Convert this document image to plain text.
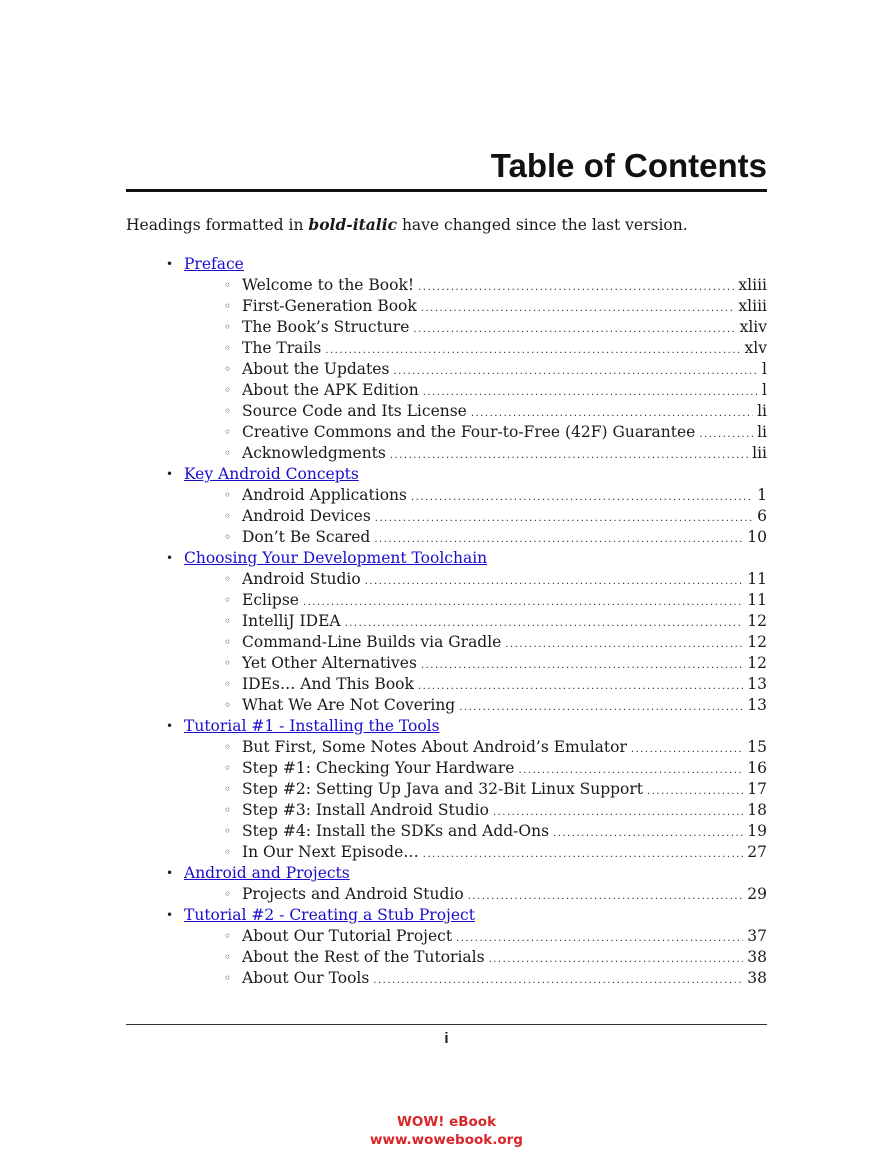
Table of Contents
Headings formatted in bold-italic have changed since the last version.
• Preface
◦ Welcome to the Book! .....	xliii
◦ First-Generation Book .....	xliii
◦ The Book’s Structure .....	xliv
◦ The Trails .....	xlv
◦ About the Updates .....	l
◦ About the APK Edition .....	l
◦ Source Code and Its License .....	li
◦ Creative Commons and the Four-to-Free (42F) Guarantee .....	li
◦ Acknowledgments .....	lii
• Key Android Concepts
◦ Android Applications .....	1
◦ Android Devices .....	6
◦ Don’t Be Scared .....	10
• Choosing Your Development Toolchain
◦ Android Studio .....	11
◦ Eclipse .....	11
◦ IntelliJ IDEA .....	12
◦ Command-Line Builds via Gradle .....	12
◦ Yet Other Alternatives .....	12
◦ IDEs… And This Book .....	13
◦ What We Are Not Covering .....	13
• Tutorial #1 - Installing the Tools
◦ But First, Some Notes About Android’s Emulator .....	15
◦ Step #1: Checking Your Hardware .....	16
◦ Step #2: Setting Up Java and 32-Bit Linux Support .....	17
◦ Step #3: Install Android Studio .....	18
◦ Step #4: Install the SDKs and Add-Ons .....	19
◦ In Our Next Episode… .....	27
• Android and Projects
◦ Projects and Android Studio .....	29
• Tutorial #2 - Creating a Stub Project
◦ About Our Tutorial Project .....	37
◦ About the Rest of the Tutorials .....	38
◦ About Our Tools .....	38
i
WOW! eBook
www.wowebook.org
